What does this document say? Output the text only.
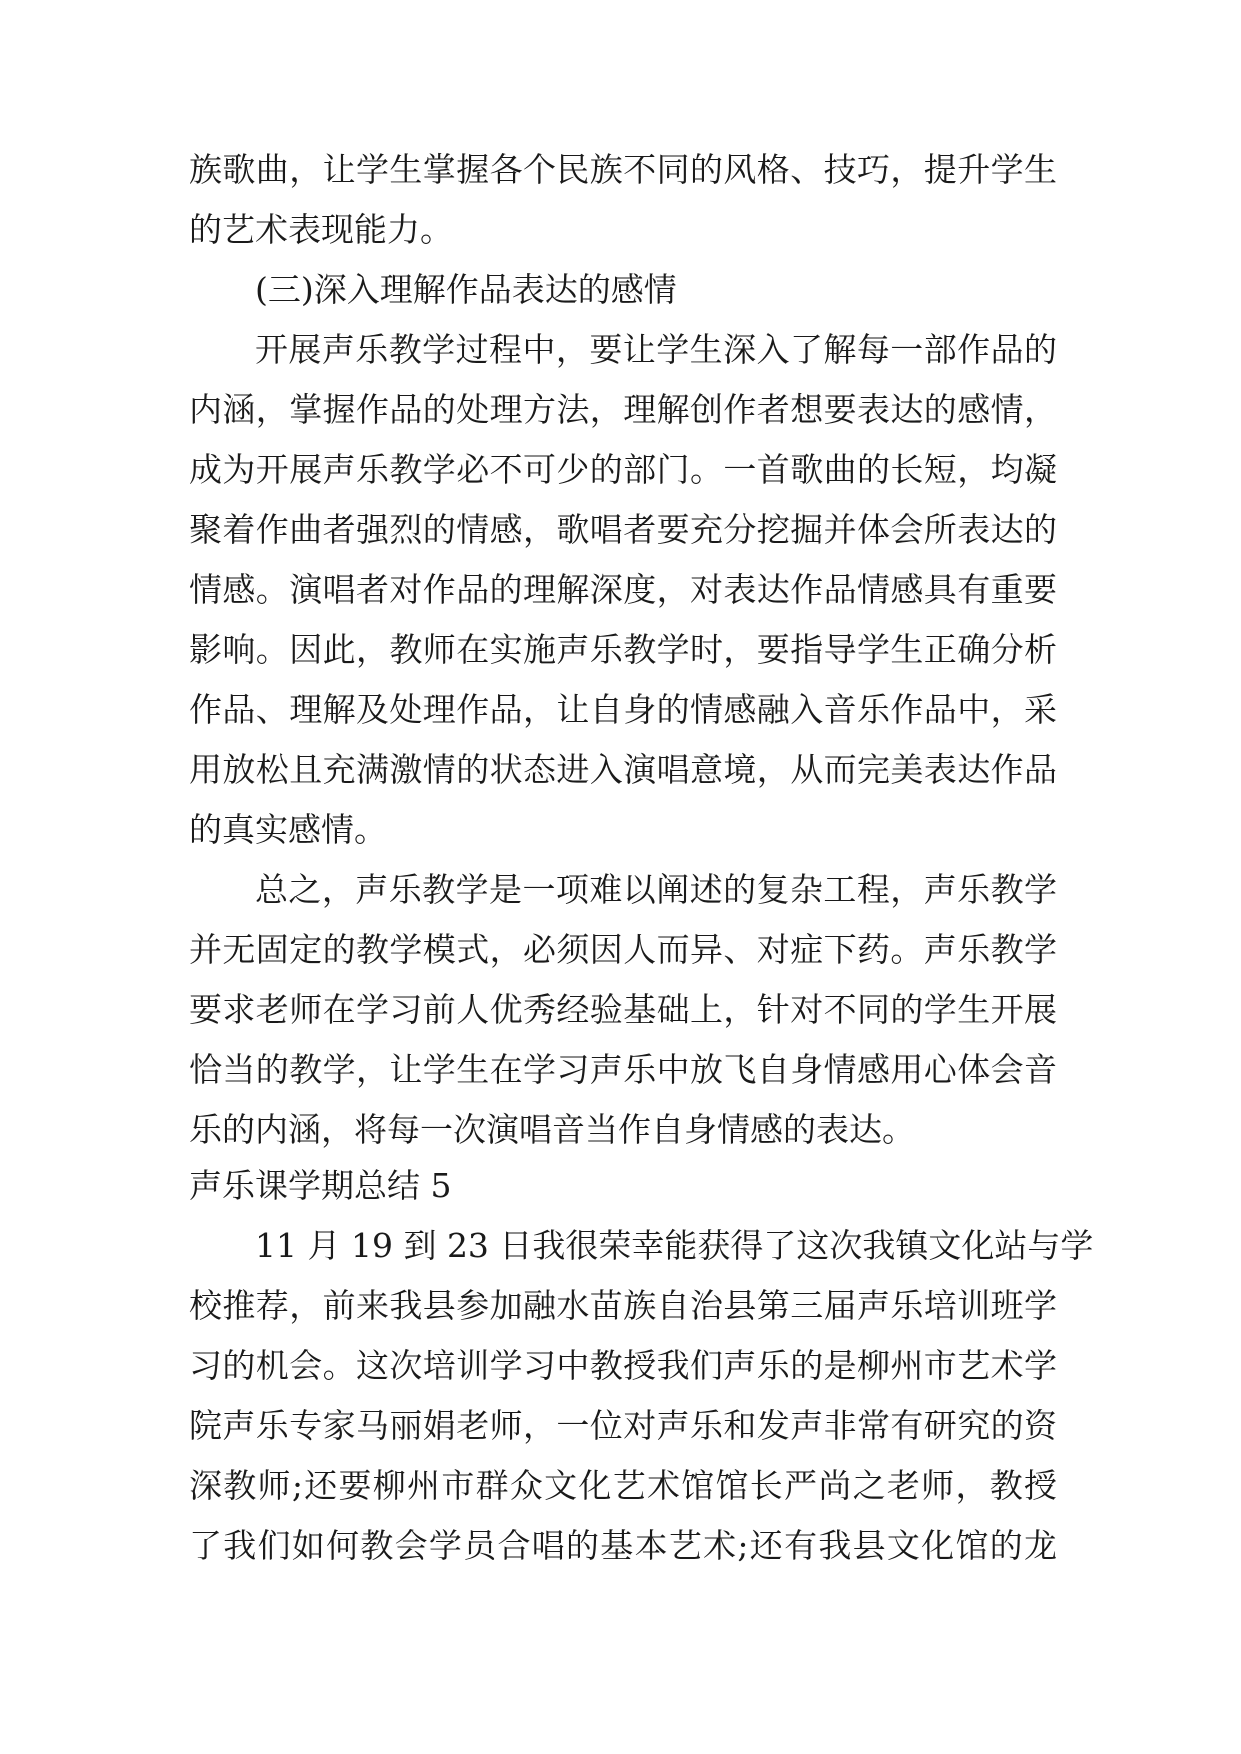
族歌曲，让学生掌握各个民族不同的风格、技巧，提升学生
的艺术表现能力。
(三)深入理解作品表达的感情
开展声乐教学过程中，要让学生深入了解每一部作品的
内涵，掌握作品的处理方法，理解创作者想要表达的感情，
成为开展声乐教学必不可少的部门。一首歌曲的长短，均凝
聚着作曲者强烈的情感，歌唱者要充分挖掘并体会所表达的
情感。演唱者对作品的理解深度，对表达作品情感具有重要
影响。因此，教师在实施声乐教学时，要指导学生正确分析
作品、理解及处理作品，让自身的情感融入音乐作品中，采
用放松且充满激情的状态进入演唱意境，从而完美表达作品
的真实感情。
总之，声乐教学是一项难以阐述的复杂工程，声乐教学
并无固定的教学模式，必须因人而异、对症下药。声乐教学
要求老师在学习前人优秀经验基础上，针对不同的学生开展
恰当的教学，让学生在学习声乐中放飞自身情感用心体会音
乐的内涵，将每一次演唱音当作自身情感的表达。
声乐课学期总结 5
11 月 19 到 23 日我很荣幸能获得了这次我镇文化站与学
校推荐，前来我县参加融水苗族自治县第三届声乐培训班学
习的机会。这次培训学习中教授我们声乐的是柳州市艺术学
院声乐专家马丽娟老师，一位对声乐和发声非常有研究的资
深教师;还要柳州市群众文化艺术馆馆长严尚之老师，教授
了我们如何教会学员合唱的基本艺术;还有我县文化馆的龙
